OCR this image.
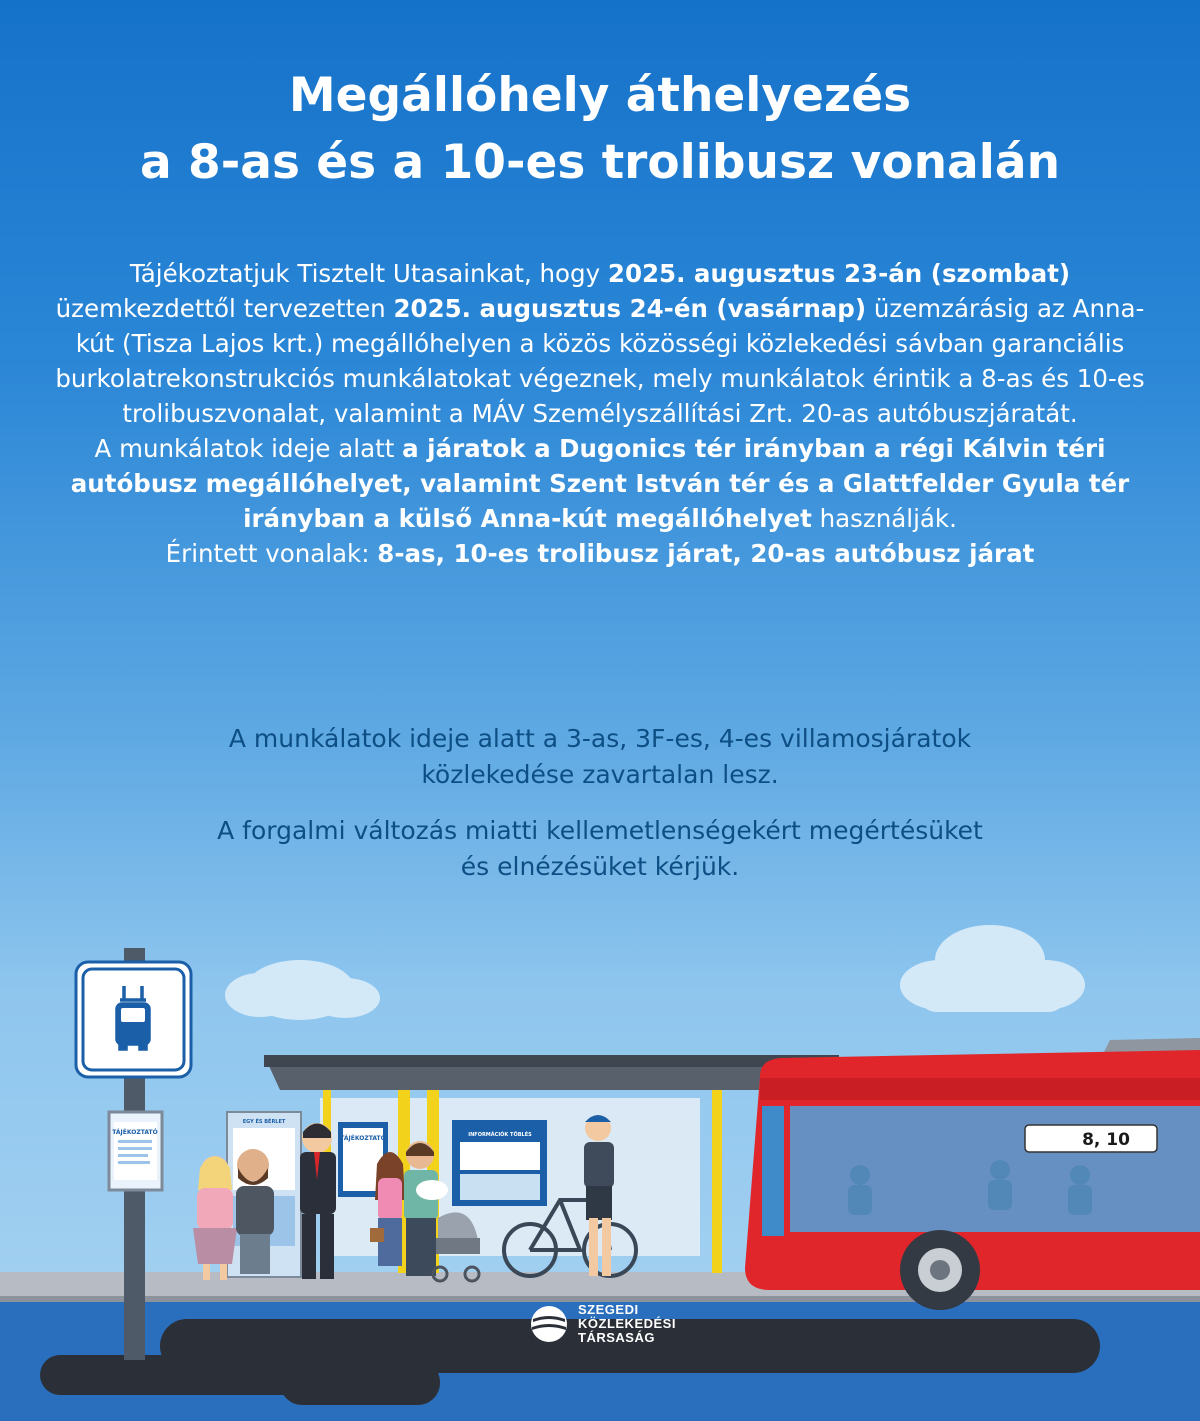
Megállóhely áthelyezés
a 8-as és a 10-es trolibusz vonalán

Tájékoztatjuk Tisztelt Utasainkat, hogy 2025. augusztus 23-án (szombat) üzemkezdettől tervezetten 2025. augusztus 24-én (vasárnap) üzemzárásig az Anna-kút (Tisza Lajos krt.) megállóhelyen a közös közösségi közlekedési sávban garanciális burkolatrekonstrukciós munkálatokat végeznek, mely munkálatok érintik a 8-as és 10-es trolibuszvonalat, valamint a MÁV Személyszállítási Zrt. 20-as autóbuszjáratát.

A munkálatok ideje alatt a járatok a Dugonics tér irányban a régi Kálvin téri autóbusz megállóhelyet, valamint Szent István tér és a Glattfelder Gyula tér irányban a külső Anna-kút megállóhelyet használják.

Érintett vonalak: 8-as, 10-es trolibusz járat, 20-as autóbusz járat

A munkálatok ideje alatt a 3-as, 3F-es, 4-es villamosjáratok

közlekedése zavartalan lesz.

A forgalmi változás miatti kellemetlenségekért megértésüket

és elnézésüket kérjük.

TÁJÉKOZTATÓ
TÁJÉKOZTATÓ	INFORMÁCIÓK TÖBLÉS
EGY ÉS BÉRLET
8, 10
SZEGEDI
KÖZLEKEDÉSI
TÁRSASÁG
